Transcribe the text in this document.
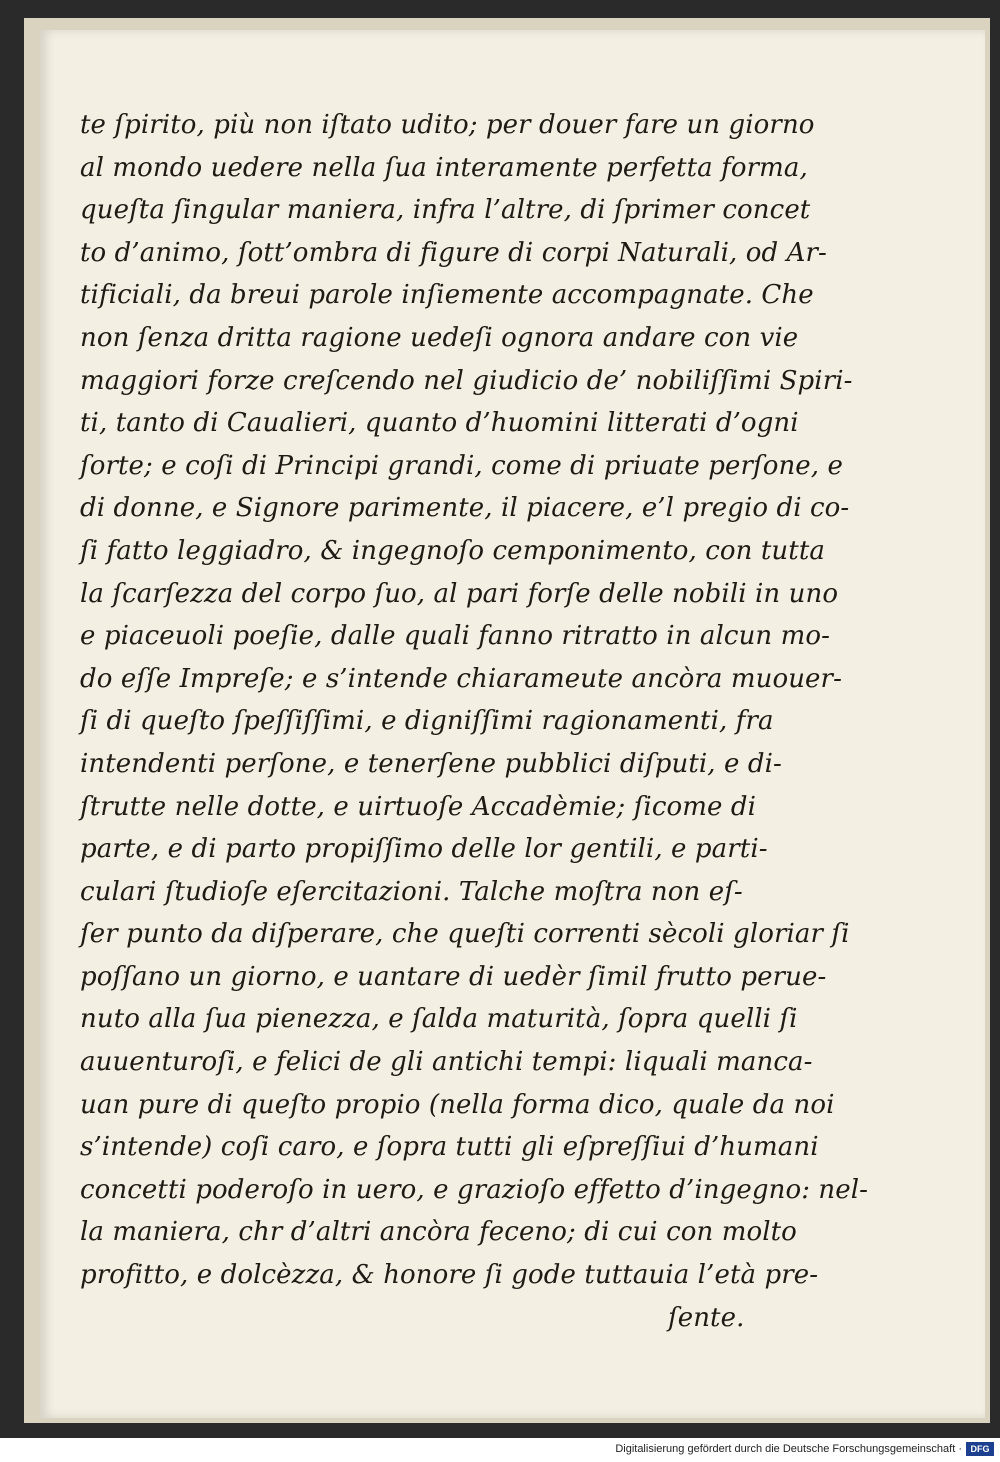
te ſpirito, più non iſtato udito; per douer fare un giorno
al mondo uedere nella ſua interamente perfetta forma,
queſta ſingular maniera, infra l’altre, di ſprimer concet
to d’animo, ſott’ombra di figure di corpi Naturali, od Ar-
tificiali, da breui parole inſiemente accompagnate. Che
non ſenza dritta ragione uedeſi ognora andare con vie
maggiori forze creſcendo nel giudicio de’ nobiliſſimi Spiri-
ti, tanto di Caualieri, quanto d’huomini litterati d’ogni
ſorte; e coſi di Principi grandi, come di priuate perſone, e
di donne, e Signore parimente, il piacere, e’l pregio di co-
ſi fatto leggiadro, & ingegnoſo cemponimento, con tutta
la ſcarſezza del corpo ſuo, al pari forſe delle nobili in uno
e piaceuoli poeſie, dalle quali fanno ritratto in alcun mo-
do eſſe Impreſe; e s’intende chiarameute ancòra muouer-
ſi di queſto ſpeſſiſſimi, e digniſſimi ragionamenti, fra
intendenti perſone, e tenerſene pubblici diſputi, e di-
ſtrutte nelle dotte, e uirtuoſe Accadèmie; ſicome di
parte, e di parto propiſſimo delle lor gentili, e parti-
culari ſtudioſe eſercitazioni. Talche moſtra non eſ-
ſer punto da diſperare, che queſti correnti sècoli gloriar ſi
poſſano un giorno, e uantare di uedèr ſimil frutto perue-
nuto alla ſua pienezza, e ſalda maturità, ſopra quelli ſi
auuenturoſi, e felici de gli antichi tempi: liquali manca-
uan pure di queſto propio (nella forma dico, quale da noi
s’intende) coſi caro, e ſopra tutti gli eſpreſſiui d’humani
concetti poderoſo in uero, e grazioſo effetto d’ingegno: nel-
la maniera, chr d’altri ancòra feceno; di cui con molto
profitto, e dolcèzza, & honore ſi gode tuttauia l’età pre-
ſente.
Digitalisierung gefördert durch die Deutsche Forschungsgemeinschaft · DFG
